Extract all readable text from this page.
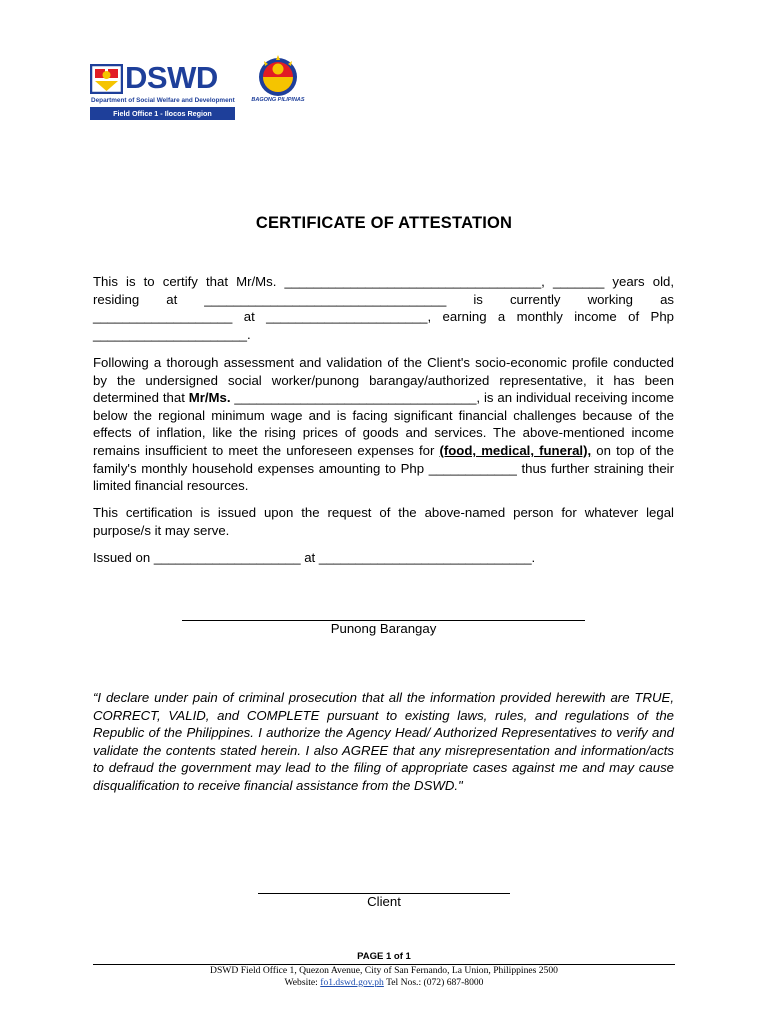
DSWD
Department of Social Welfare and Development
Field Office 1 - Ilocos Region
BAGONG PILIPINAS
CERTIFICATE OF ATTESTATION
This is to certify that Mr/Ms. ___________________________________, _______ years old, residing at _________________________________ is currently working as ___________________ at ______________________, earning a monthly income of Php _____________________.
Following a thorough assessment and validation of the Client's socio-economic profile conducted by the undersigned social worker/punong barangay/authorized representative, it has been determined that Mr/Ms. _________________________________, is an individual receiving income below the regional minimum wage and is facing significant financial challenges because of the effects of inflation, like the rising prices of goods and services. The above-mentioned income remains insufficient to meet the unforeseen expenses for (food, medical, funeral), on top of the family's monthly household expenses amounting to Php ____________ thus further straining their limited financial resources.
This certification is issued upon the request of the above-named person for whatever legal purpose/s it may serve.
Issued on ____________________ at _____________________________.
Punong Barangay
“I declare under pain of criminal prosecution that all the information provided herewith are TRUE, CORRECT, VALID, and COMPLETE pursuant to existing laws, rules, and regulations of the Republic of the Philippines. I authorize the Agency Head/ Authorized Representatives to verify and validate the contents stated herein. I also AGREE that any misrepresentation and information/acts to defraud the government may lead to the filing of appropriate cases against me and may cause disqualification to receive financial assistance from the DSWD."
Client
PAGE 1 of 1
DSWD Field Office 1, Quezon Avenue, City of San Fernando, La Union, Philippines 2500
Website: fo1.dswd.gov.ph Tel Nos.: (072) 687-8000
